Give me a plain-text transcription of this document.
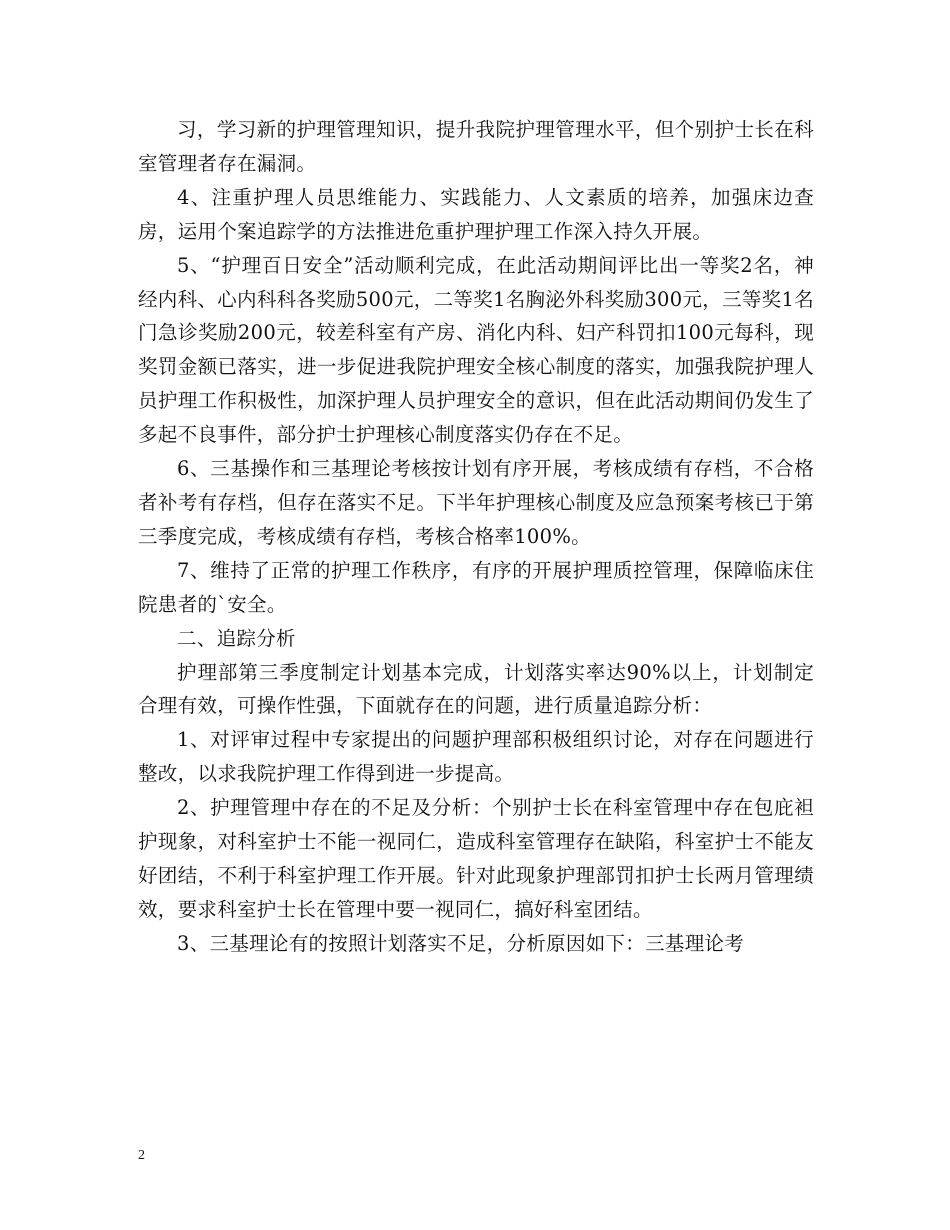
习，学习新的护理管理知识，提升我院护理管理水平，但个别护士长在科室管理者存在漏洞。

4、注重护理人员思维能力、实践能力、人文素质的培养，加强床边查房，运用个案追踪学的方法推进危重护理护理工作深入持久开展。

5、“护理百日安全”活动顺利完成，在此活动期间评比出一等奖2名，神经内科、心内科科各奖励500元，二等奖1名胸泌外科奖励300元，三等奖1名门急诊奖励200元，较差科室有产房、消化内科、妇产科罚扣100元每科，现奖罚金额已落实，进一步促进我院护理安全核心制度的落实，加强我院护理人员护理工作积极性，加深护理人员护理安全的意识，但在此活动期间仍发生了多起不良事件，部分护士护理核心制度落实仍存在不足。

6、三基操作和三基理论考核按计划有序开展，考核成绩有存档，不合格者补考有存档，但存在落实不足。下半年护理核心制度及应急预案考核已于第三季度完成，考核成绩有存档，考核合格率100%。

7、维持了正常的护理工作秩序，有序的开展护理质控管理，保障临床住院患者的`安全。

二、追踪分析

护理部第三季度制定计划基本完成，计划落实率达90%以上，计划制定合理有效，可操作性强，下面就存在的问题，进行质量追踪分析：

1、对评审过程中专家提出的问题护理部积极组织讨论，对存在问题进行整改，以求我院护理工作得到进一步提高。

2、护理管理中存在的不足及分析：个别护士长在科室管理中存在包庇袒护现象，对科室护士不能一视同仁，造成科室管理存在缺陷，科室护士不能友好团结，不利于科室护理工作开展。针对此现象护理部罚扣护士长两月管理绩效，要求科室护士长在管理中要一视同仁，搞好科室团结。

3、三基理论有的按照计划落实不足，分析原因如下：三基理论考

2
